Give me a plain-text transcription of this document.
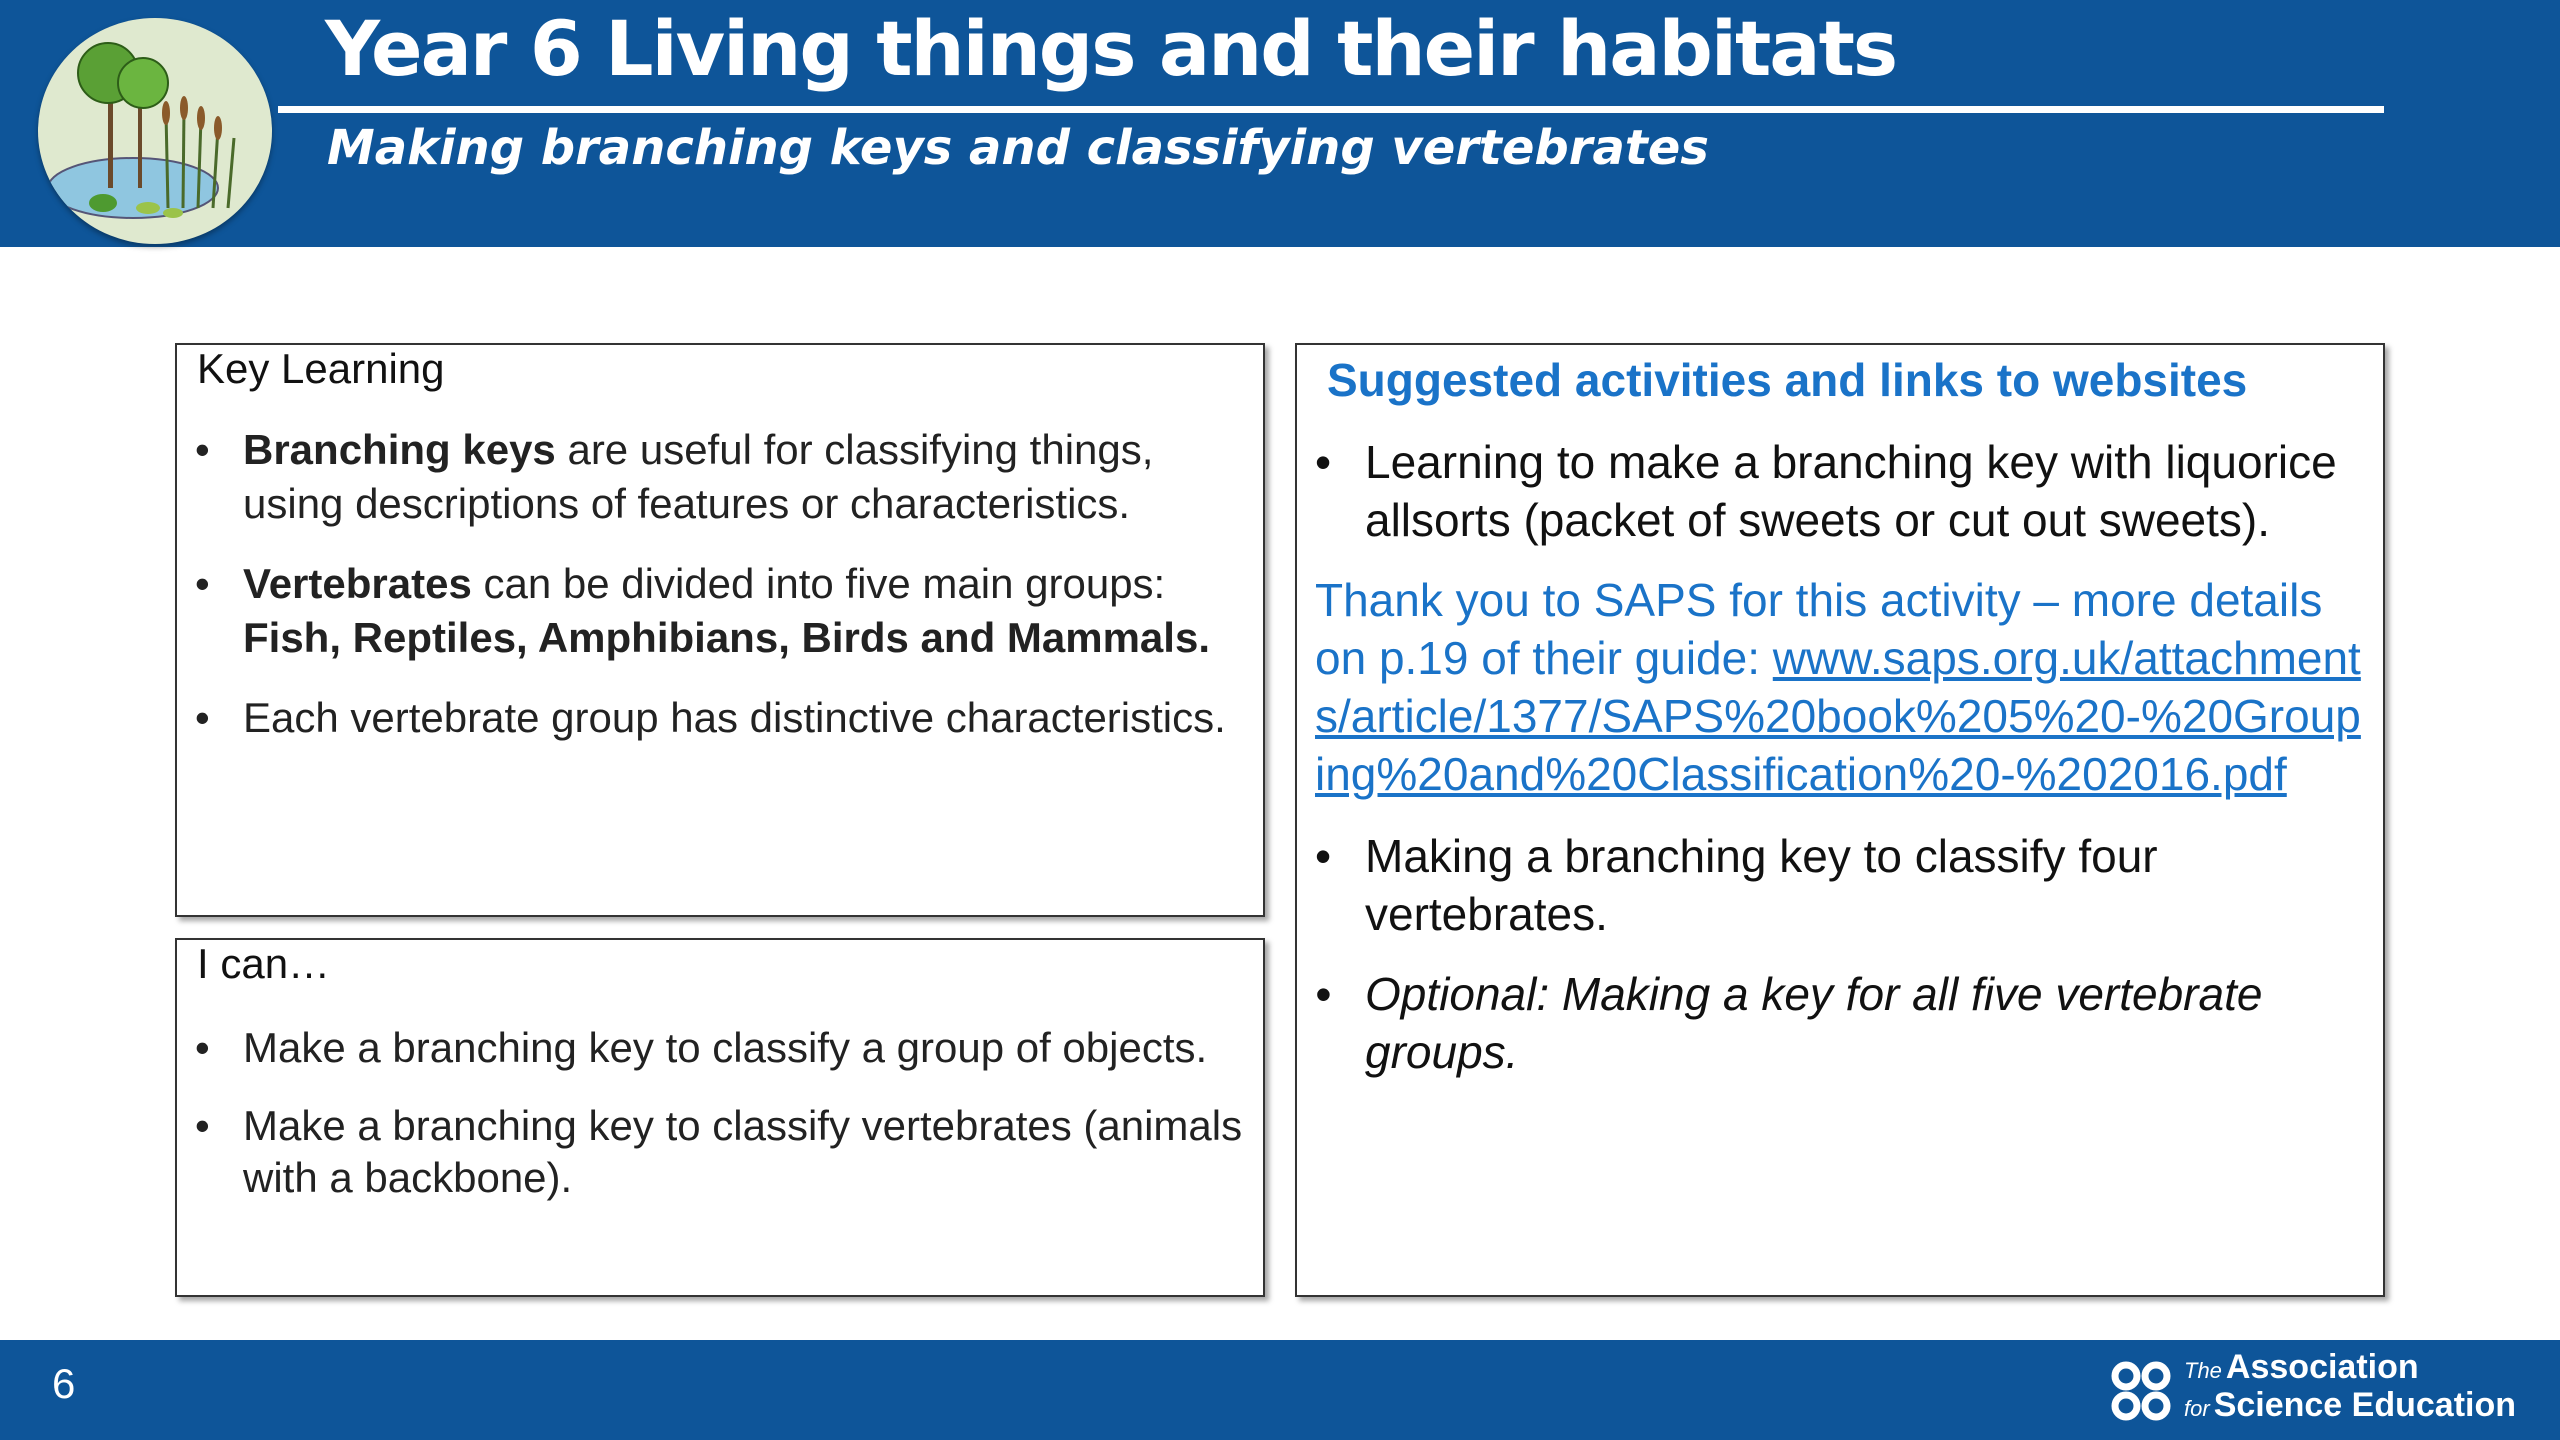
Year 6 Living things and their habitats
Making branching keys and classifying vertebrates
Key Learning
• Branching keys are useful for classifying things, using descriptions of features or characteristics.
• Vertebrates can be divided into five main groups: Fish, Reptiles, Amphibians, Birds and Mammals.
• Each vertebrate group has distinctive characteristics.
I can…
• Make a branching key to classify a group of objects.
• Make a branching key to classify vertebrates (animals with a backbone).
Suggested activities and links to websites
• Learning to make a branching key with liquorice allsorts (packet of sweets or cut out sweets).

Thank you to SAPS for this activity – more details on p.19 of their guide: www.saps.org.uk/attachments/article/1377/SAPS%20book%205%20-%20Grouping%20and%20Classification%20-%202016.pdf

• Making a branching key to classify four vertebrates.
• Optional: Making a key for all five vertebrate groups.
6	The Association
for Science Education
